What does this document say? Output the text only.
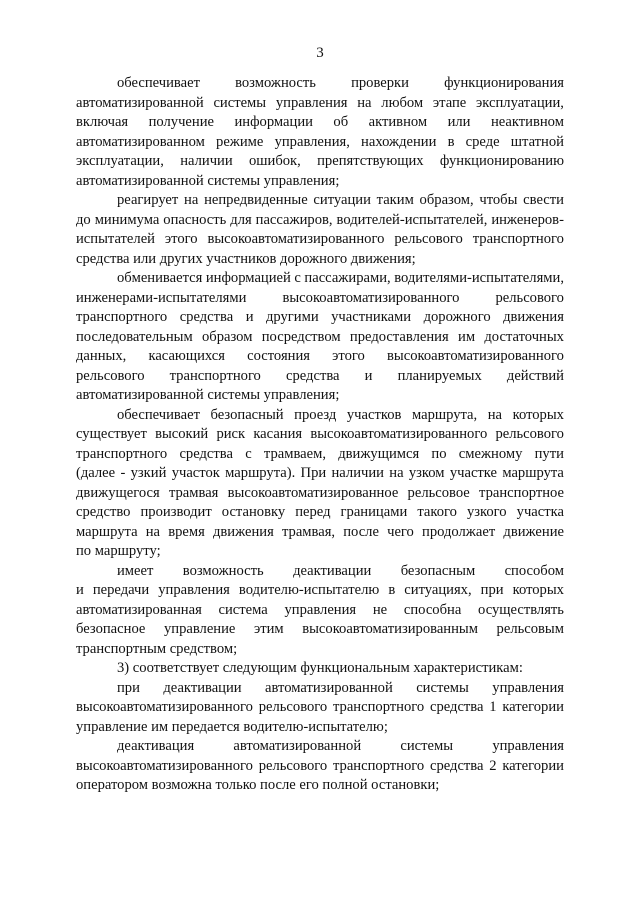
3
обеспечивает возможность проверки функционирования
автоматизированной системы управления на любом этапе эксплуатации,
включая получение информации об активном или неактивном
автоматизированном режиме управления, нахождении в среде штатной
эксплуатации, наличии ошибок, препятствующих функционированию
автоматизированной системы управления;
реагирует на непредвиденные ситуации таким образом, чтобы свести
до минимума опасность для пассажиров, водителей-испытателей, инженеров-
испытателей этого высокоавтоматизированного рельсового транспортного
средства или других участников дорожного движения;
обменивается информацией с пассажирами, водителями-испытателями,
инженерами-испытателями высокоавтоматизированного рельсового
транспортного средства и другими участниками дорожного движения
последовательным образом посредством предоставления им достаточных
данных, касающихся состояния этого высокоавтоматизированного
рельсового транспортного средства и планируемых действий
автоматизированной системы управления;
обеспечивает безопасный проезд участков маршрута, на которых
существует высокий риск касания высокоавтоматизированного рельсового
транспортного средства с трамваем, движущимся по смежному пути
(далее - узкий участок маршрута). При наличии на узком участке маршрута
движущегося трамвая высокоавтоматизированное рельсовое транспортное
средство производит остановку перед границами такого узкого участка
маршрута на время движения трамвая, после чего продолжает движение
по маршруту;
имеет возможность деактивации безопасным способом
и передачи управления водителю-испытателю в ситуациях, при которых
автоматизированная система управления не способна осуществлять
безопасное управление этим высокоавтоматизированным рельсовым
транспортным средством;
3) соответствует следующим функциональным характеристикам:
при деактивации автоматизированной системы управления
высокоавтоматизированного рельсового транспортного средства 1 категории
управление им передается водителю-испытателю;
деактивация	автоматизированной	системы	управления
высокоавтоматизированного рельсового транспортного средства 2 категории
оператором возможна только после его полной остановки;
